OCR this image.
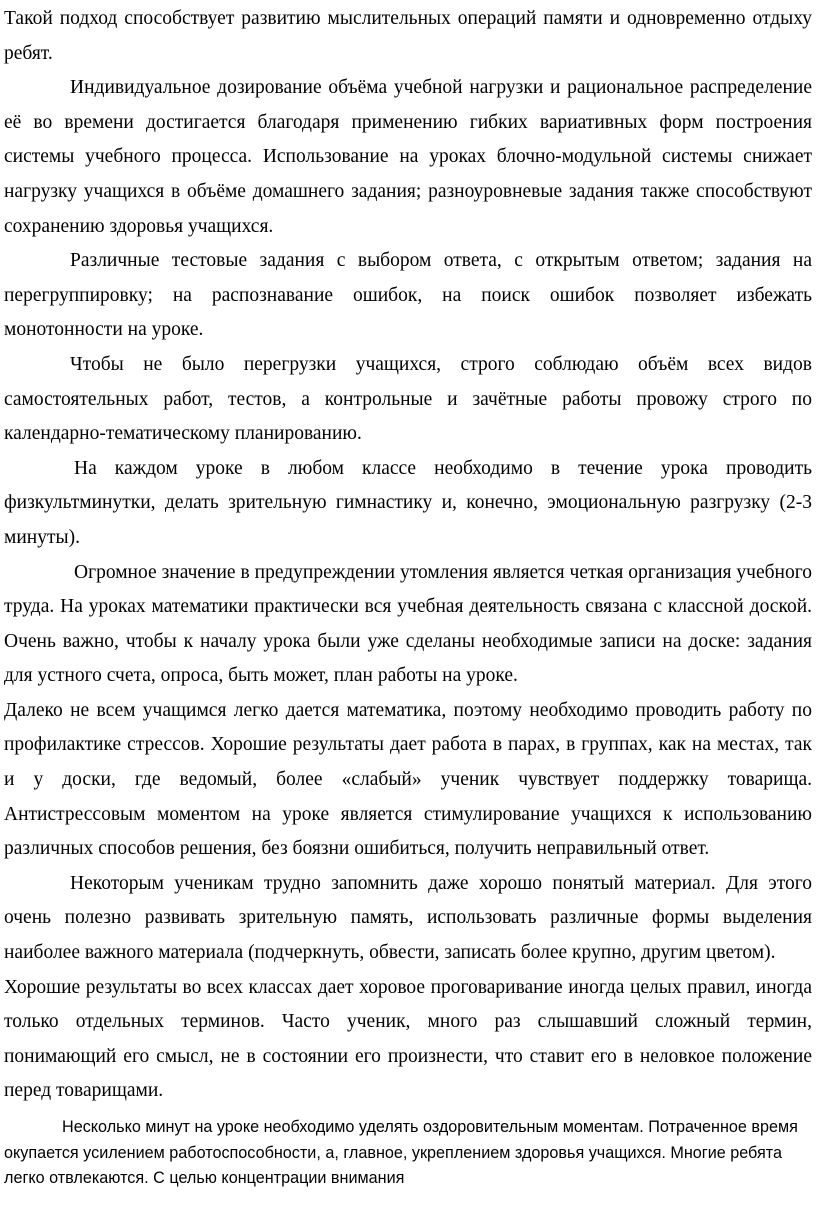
Такой подход способствует развитию мыслительных операций памяти и одновременно отдыху ребят.

Индивидуальное дозирование объёма учебной нагрузки и рациональное распределение её во времени достигается благодаря применению гибких вариативных форм построения системы учебного процесса. Использование на уроках блочно-модульной системы снижает нагрузку учащихся в объёме домашнего задания; разноуровневые задания также способствуют сохранению здоровья учащихся.

Различные тестовые задания с выбором ответа, с открытым ответом; задания на перегруппировку; на распознавание ошибок, на поиск ошибок позволяет избежать монотонности на уроке.

Чтобы не было перегрузки учащихся, строго соблюдаю объём всех видов самостоятельных работ, тестов, а контрольные и зачётные работы провожу строго по календарно-тематическому планированию.

На каждом уроке в любом классе необходимо в течение урока проводить физкультминутки, делать зрительную гимнастику и, конечно, эмоциональную разгрузку (2-3 минуты).

Огромное значение в предупреждении утомления является четкая организация учебного труда. На уроках математики практически вся учебная деятельность связана с классной доской. Очень важно, чтобы к началу урока были уже сделаны необходимые записи на доске: задания для устного счета, опроса, быть может, план работы на уроке.

Далеко не всем учащимся легко дается математика, поэтому необходимо проводить работу по профилактике стрессов. Хорошие результаты дает работа в парах, в группах, как на местах, так и у доски, где ведомый, более «слабый» ученик чувствует поддержку товарища. Антистрессовым моментом на уроке является стимулирование учащихся к использованию различных способов решения, без боязни ошибиться, получить неправильный ответ.

Некоторым ученикам трудно запомнить даже хорошо понятый материал. Для этого очень полезно развивать зрительную память, использовать различные формы выделения наиболее важного материала (подчеркнуть, обвести, записать более крупно, другим цветом).

Хорошие результаты во всех классах дает хоровое проговаривание иногда целых правил, иногда только отдельных терминов. Часто ученик, много раз слышавший сложный термин, понимающий его смысл, не в состоянии его произнести, что ставит его в неловкое положение перед товарищами.

Несколько минут на уроке необходимо уделять оздоровительным моментам. Потраченное время окупается усилением работоспособности, а, главное, укреплением здоровья учащихся. Многие ребята легко отвлекаются. С целью концентрации внимания
